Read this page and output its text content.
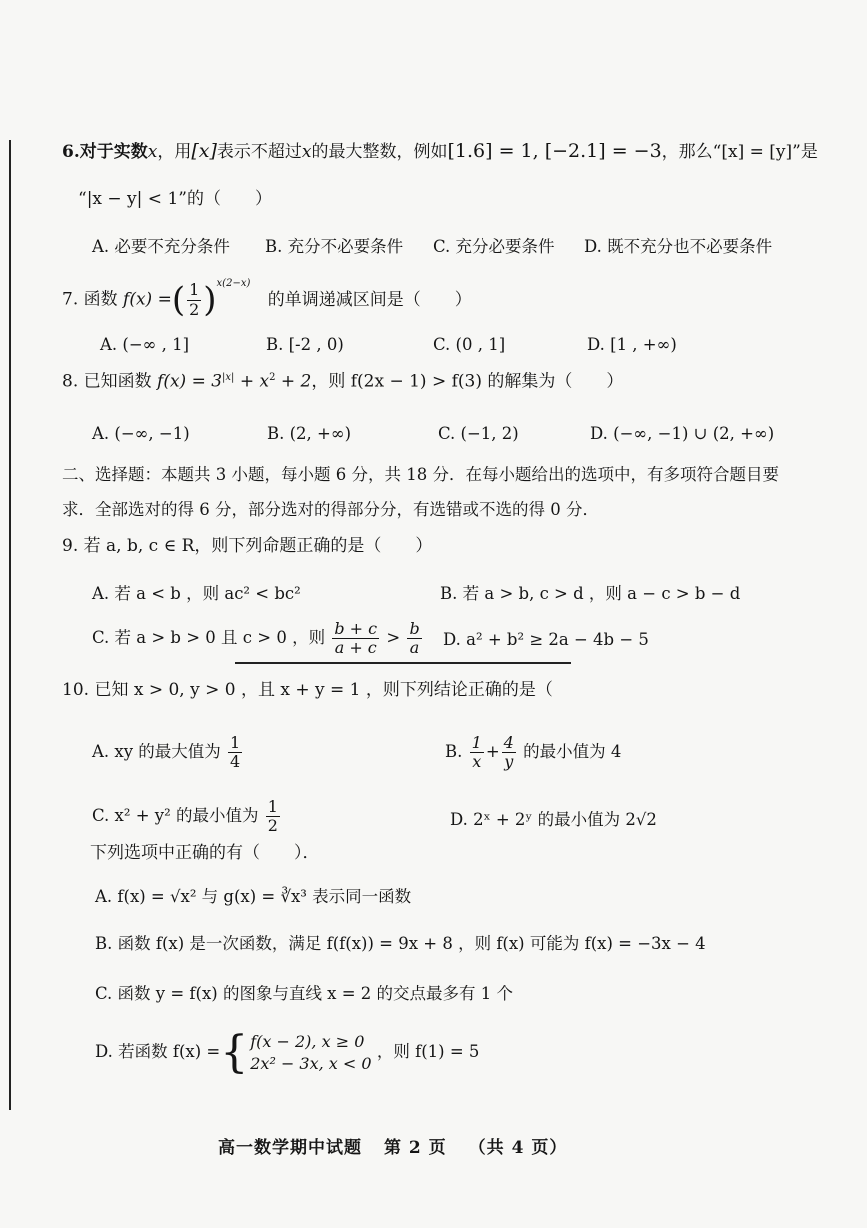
6.对于实数x，用[x]表示不超过x的最大整数，例如[1.6] = 1, [−2.1] = −3，那么“[x] = [y]”是
“|x − y| < 1”的（　　）
A. 必要不充分条件 B. 充分不必要条件 C. 充分必要条件 D. 既不充分也不必要条件
7. 函数 f(x) =( $\frac{1}{2} )^{x(2-x)}$ 的单调递减区间是（　　）
A. (−∞ , 1]	B. [-2 , 0)	C. (0 , 1]	D. [1 , +∞)
8. 已知函数 $f(x) = 3^{|x|} + x^2 + 2$，则 f(2x − 1) > f(3) 的解集为（　　）
A. (−∞, −1)	B. (2, +∞)	C. (−1, 2)	D. (−∞, −1) ∪ (2, +∞)
二、选择题：本题共 3 小题，每小题 6 分，共 18 分．在每小题给出的选项中，有多项符合题目要
求．全部选对的得 6 分，部分选对的得部分分，有选错或不选的得 0 分．
9. 若 a, b, c ∈ R，则下列命题正确的是（　　）
A. 若 a < b ，则 ac² < bc²	B. 若 a > b, c > d ，则 a − c > b − d
C. 若 a > b > 0 且 c > 0 ，则 $\frac{b + c}{a + c} > \frac{b}{a} D$. a² + b² ≥ 2a − 4b − 5
10. 已知 x > 0, y > 0 ，且 x + y = 1 ，则下列结论正确的是（
A. xy 的最大值为 $\frac{1}{4}$	B. $\frac{1}{x} + \frac{4}{y}$ 的最小值为 4
C. x² + y² 的最小值为 $\frac{1}{2}$	D. 2ˣ + 2ʸ 的最小值为 2√2
下列选项中正确的有（　　）．
A. f(x) = √x² 与 g(x) = ∛x³ 表示同一函数
B. 函数 f(x) 是一次函数，满足 f(f(x)) = 9x + 8 ，则 f(x) 可能为 f(x) = −3x − 4
C. 函数 y = f(x) 的图象与直线 x = 2 的交点最多有 1 个
D. 若函数 f(x) ={ f(x − 2), x ≥ 0
2x² − 3x, x < 0
，则 f(1) = 5
高一数学期中试题 第 2 页 （共 4 页）
